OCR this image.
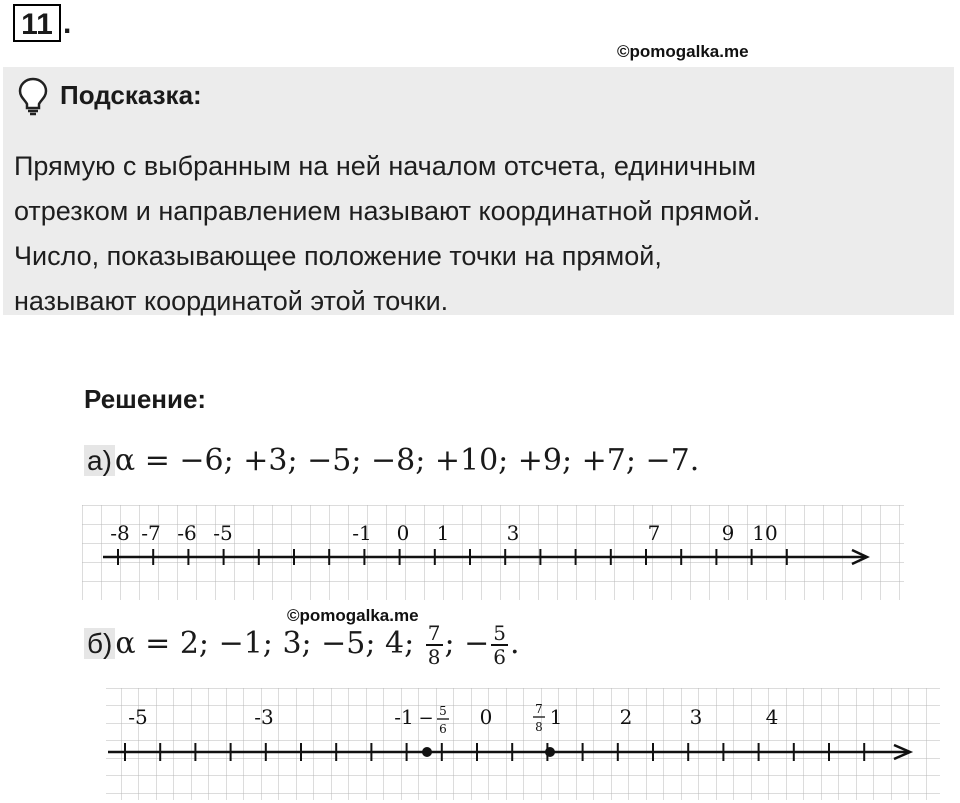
11 .
©pomogalka.me
Подсказка:
Прямую с выбранным на ней началом отсчета, единичным
отрезком и направлением называют координатной прямой.
Число, показывающее положение точки на прямой,
называют координатой этой точки.
Решение:
а) α = −6; +3; −5; −8; +10; +9; +7; −7.
-8 -7 -6 -5	-1 0 1	3	7	9 10
©pomogalka.me
б) α = 2; −1; 3; −5; 4; $\frac{7}{8}$ ; − $\frac{5}{6}$ .
-5	-3	-1	0	1	2	3	4
− 5
6
7
8
